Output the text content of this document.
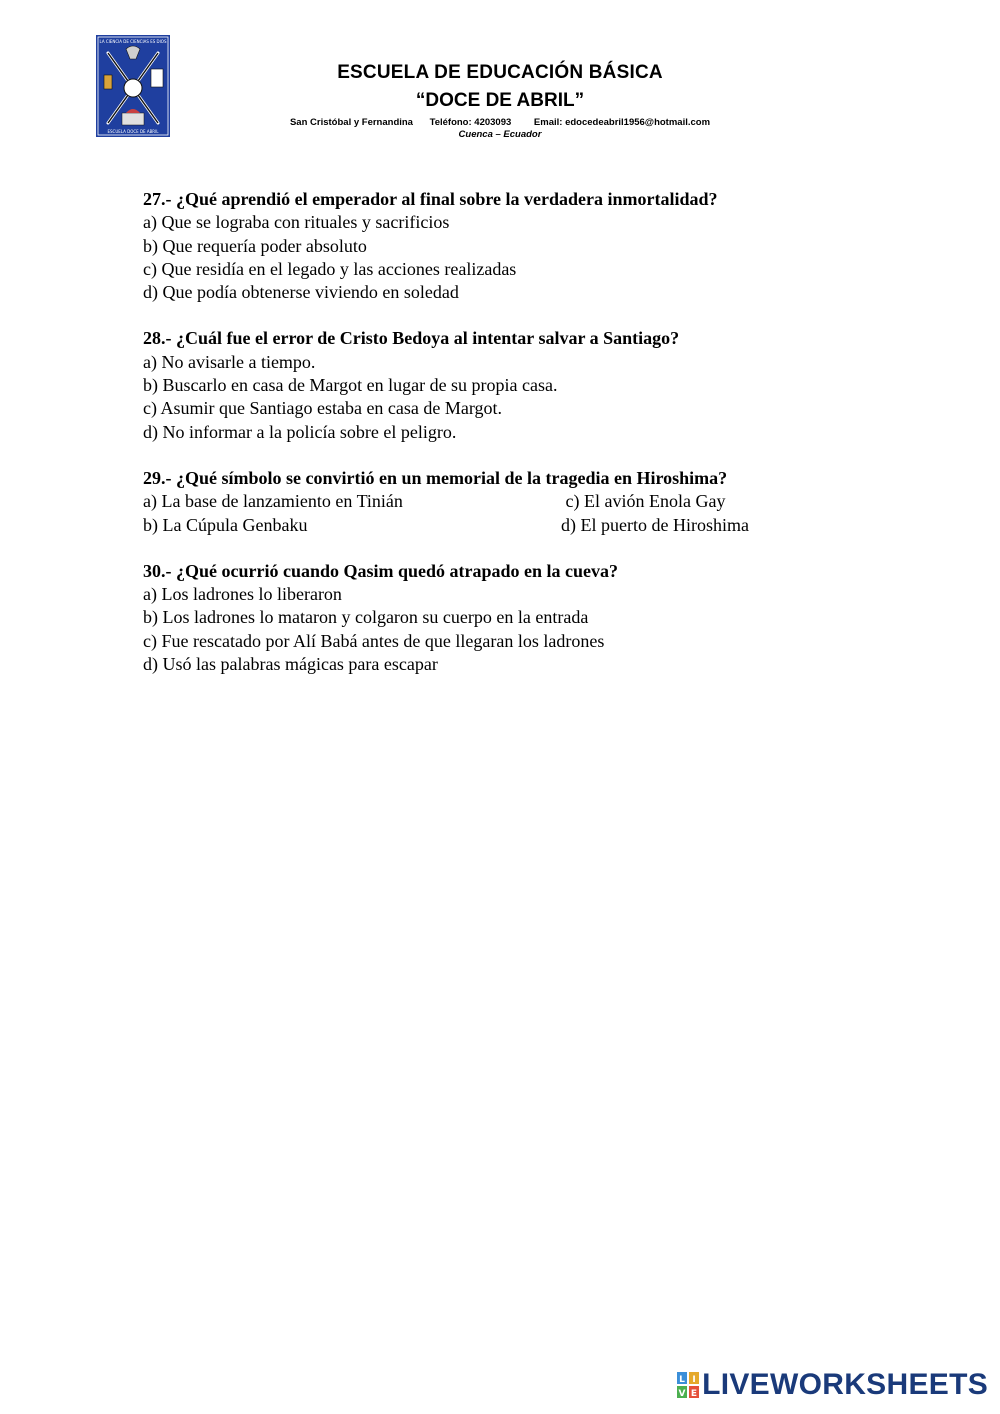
LA CIENCIA DE CIENCIAS ES DIOS
ESCUELA DOCE DE ABRIL
ESCUELA DE EDUCACIÓN BÁSICA
“DOCE DE ABRIL”
San Cristóbal y Fernandina Teléfono: 4203093 Email: edocedeabril1956@hotmail.com
Cuenca – Ecuador
27.- ¿Qué aprendió el emperador al final sobre la verdadera inmortalidad?
a) Que se lograba con rituales y sacrificios
b) Que requería poder absoluto
c) Que residía en el legado y las acciones realizadas
d) Que podía obtenerse viviendo en soledad
28.- ¿Cuál fue el error de Cristo Bedoya al intentar salvar a Santiago?
a) No avisarle a tiempo.
b) Buscarlo en casa de Margot en lugar de su propia casa.
c) Asumir que Santiago estaba en casa de Margot.
d) No informar a la policía sobre el peligro.
29.- ¿Qué símbolo se convirtió en un memorial de la tragedia en Hiroshima?
a) La base de lanzamiento en Tinián	c) El avión Enola Gay
b) La Cúpula Genbaku	d) El puerto de Hiroshima
30.- ¿Qué ocurrió cuando Qasim quedó atrapado en la cueva?
a) Los ladrones lo liberaron
b) Los ladrones lo mataron y colgaron su cuerpo en la entrada
c) Fue rescatado por Alí Babá antes de que llegaran los ladrones
d) Usó las palabras mágicas para escapar
L I
V E LIVEWORKSHEETS
